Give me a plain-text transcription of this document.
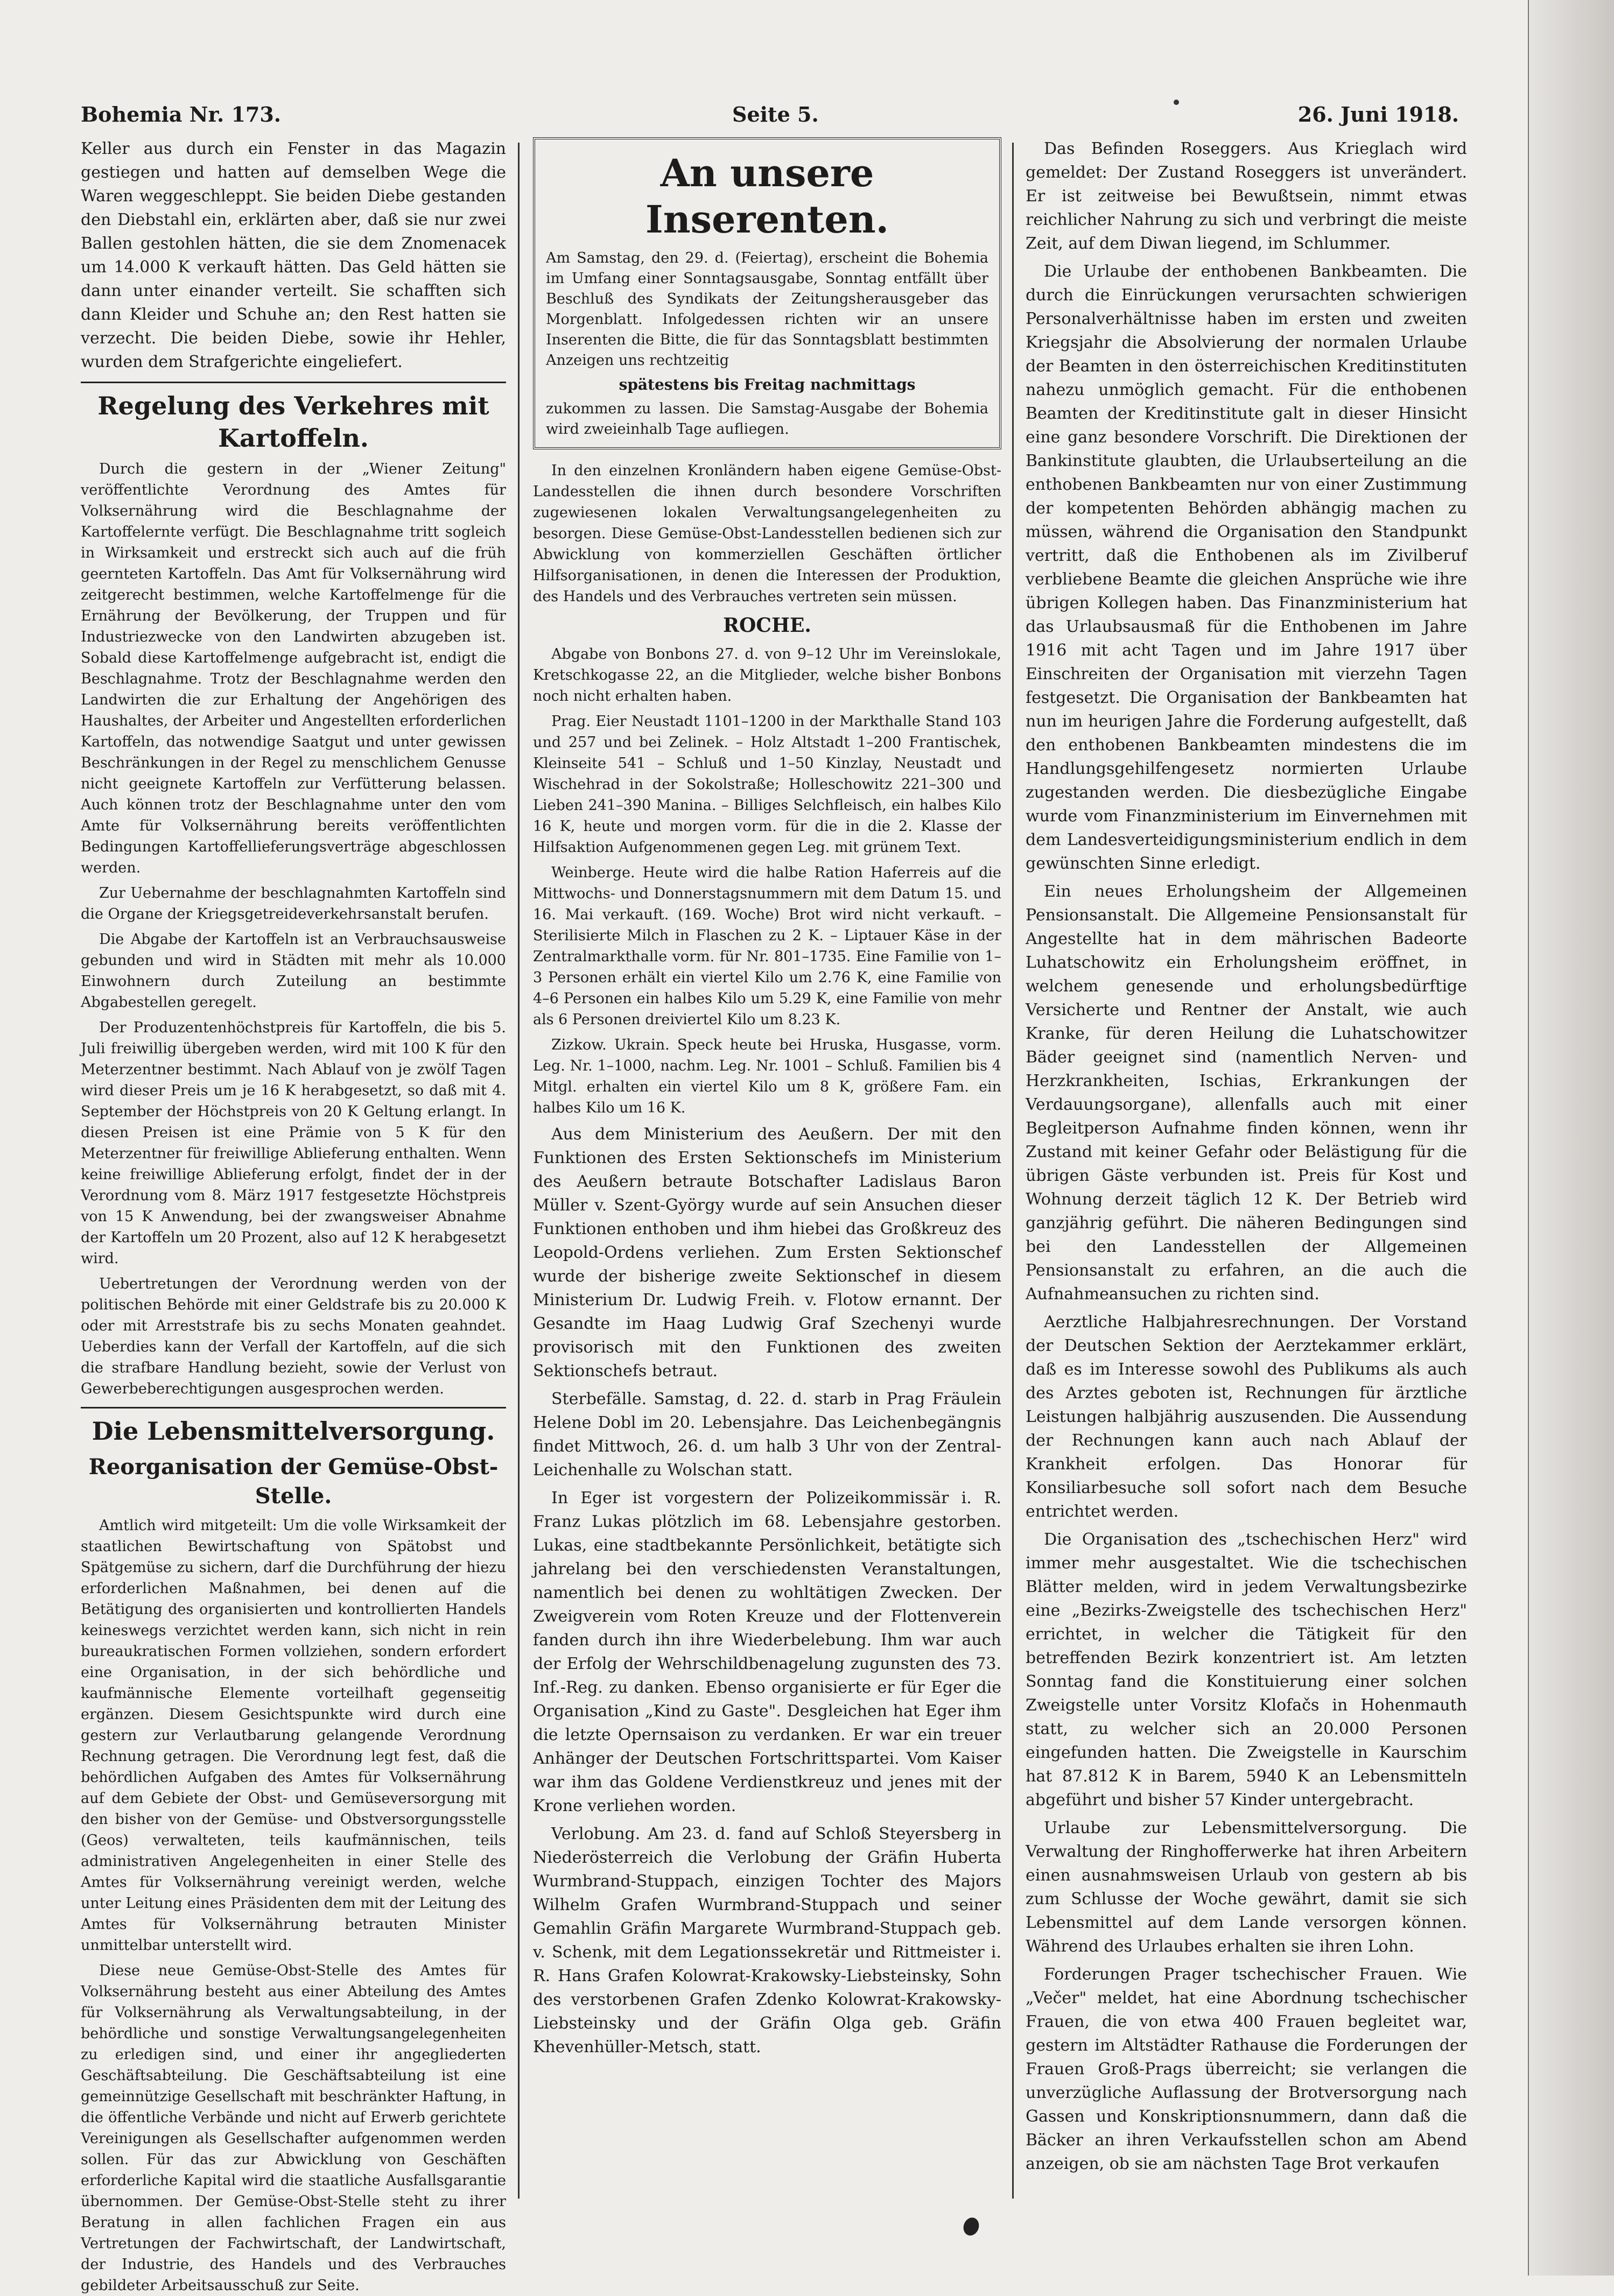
Bohemia Nr. 173.	Seite 5.	26. Juni 1918.

Keller aus durch ein Fenster in das Magazin gestiegen und hatten auf demselben Wege die Waren weggeschleppt. Sie beiden Diebe gestanden den Diebstahl ein, erklärten aber, daß sie nur zwei Ballen gestohlen hätten, die sie dem Znomenacek um 14.000 K verkauft hätten. Das Geld hätten sie dann unter einander verteilt. Sie schafften sich dann Kleider und Schuhe an; den Rest hatten sie verzecht. Die beiden Diebe, sowie ihr Hehler, wurden dem Strafgerichte eingeliefert.

Regelung des Verkehres mit Kartoffeln.

Durch die gestern in der „Wiener Zeitung" veröffentlichte Verordnung des Amtes für Volksernährung wird die Beschlagnahme der Kartoffelernte verfügt. Die Beschlagnahme tritt sogleich in Wirksamkeit und erstreckt sich auch auf die früh geernteten Kartoffeln. Das Amt für Volksernährung wird zeitgerecht bestimmen, welche Kartoffelmenge für die Ernährung der Bevölkerung, der Truppen und für Industriezwecke von den Landwirten abzugeben ist. Sobald diese Kartoffelmenge aufgebracht ist, endigt die Beschlagnahme. Trotz der Beschlagnahme werden den Landwirten die zur Erhaltung der Angehörigen des Haushaltes, der Arbeiter und Angestellten erforderlichen Kartoffeln, das notwendige Saatgut und unter gewissen Beschränkungen in der Regel zu menschlichem Genusse nicht geeignete Kartoffeln zur Verfütterung belassen. Auch können trotz der Beschlagnahme unter den vom Amte für Volksernährung bereits veröffentlichten Bedingungen Kartoffellieferungsverträge abgeschlossen werden.

Zur Uebernahme der beschlagnahmten Kartoffeln sind die Organe der Kriegsgetreideverkehrsanstalt berufen.

Die Abgabe der Kartoffeln ist an Verbrauchsausweise gebunden und wird in Städten mit mehr als 10.000 Einwohnern durch Zuteilung an bestimmte Abgabestellen geregelt.

Der Produzentenhöchstpreis für Kartoffeln, die bis 5. Juli freiwillig übergeben werden, wird mit 100 K für den Meterzentner bestimmt. Nach Ablauf von je zwölf Tagen wird dieser Preis um je 16 K herabgesetzt, so daß mit 4. September der Höchstpreis von 20 K Geltung erlangt. In diesen Preisen ist eine Prämie von 5 K für den Meterzentner für freiwillige Ablieferung enthalten. Wenn keine freiwillige Ablieferung erfolgt, findet der in der Verordnung vom 8. März 1917 festgesetzte Höchstpreis von 15 K Anwendung, bei der zwangsweiser Abnahme der Kartoffeln um 20 Prozent, also auf 12 K herabgesetzt wird.

Uebertretungen der Verordnung werden von der politischen Behörde mit einer Geldstrafe bis zu 20.000 K oder mit Arreststrafe bis zu sechs Monaten geahndet. Ueberdies kann der Verfall der Kartoffeln, auf die sich die strafbare Handlung bezieht, sowie der Verlust von Gewerbeberechtigungen ausgesprochen werden.

Die Lebensmittelversorgung.
Reorganisation der Gemüse-Obst-Stelle.

Amtlich wird mitgeteilt: Um die volle Wirksamkeit der staatlichen Bewirtschaftung von Spätobst und Spätgemüse zu sichern, darf die Durchführung der hiezu erforderlichen Maßnahmen, bei denen auf die Betätigung des organisierten und kontrollierten Handels keineswegs verzichtet werden kann, sich nicht in rein bureaukratischen Formen vollziehen, sondern erfordert eine Organisation, in der sich behördliche und kaufmännische Elemente vorteilhaft gegenseitig ergänzen. Diesem Gesichtspunkte wird durch eine gestern zur Verlautbarung gelangende Verordnung Rechnung getragen. Die Verordnung legt fest, daß die behördlichen Aufgaben des Amtes für Volksernährung auf dem Gebiete der Obst- und Gemüseversorgung mit den bisher von der Gemüse- und Obstversorgungsstelle (Geos) verwalteten, teils kaufmännischen, teils administrativen Angelegenheiten in einer Stelle des Amtes für Volksernährung vereinigt werden, welche unter Leitung eines Präsidenten dem mit der Leitung des Amtes für Volksernährung betrauten Minister unmittelbar unterstellt wird.

Diese neue Gemüse-Obst-Stelle des Amtes für Volksernährung besteht aus einer Abteilung des Amtes für Volksernährung als Verwaltungsabteilung, in der behördliche und sonstige Verwaltungsangelegenheiten zu erledigen sind, und einer ihr angegliederten Geschäftsabteilung. Die Geschäftsabteilung ist eine gemeinnützige Gesellschaft mit beschränkter Haftung, in die öffentliche Verbände und nicht auf Erwerb gerichtete Vereinigungen als Gesellschafter aufgenommen werden sollen. Für das zur Abwicklung von Geschäften erforderliche Kapital wird die staatliche Ausfallsgarantie übernommen. Der Gemüse-Obst-Stelle steht zu ihrer Beratung in allen fachlichen Fragen ein aus Vertretungen der Fachwirtschaft, der Landwirtschaft, der Industrie, des Handels und des Verbrauches gebildeter Arbeitsausschuß zur Seite.

An unsere Inserenten.
Am Samstag, den 29. d. (Feiertag), erscheint die Bohemia im Umfang einer Sonntagsausgabe, Sonntag entfällt über Beschluß des Syndikats der Zeitungsherausgeber das Morgenblatt. Infolgedessen richten wir an unsere Inserenten die Bitte, die für das Sonntagsblatt bestimmten Anzeigen uns rechtzeitig
spätestens bis Freitag nachmittags
zukommen zu lassen. Die Samstag-Ausgabe der Bohemia wird zweieinhalb Tage aufliegen.

In den einzelnen Kronländern haben eigene Gemüse-Obst-Landesstellen die ihnen durch besondere Vorschriften zugewiesenen lokalen Verwaltungsangelegenheiten zu besorgen. Diese Gemüse-Obst-Landesstellen bedienen sich zur Abwicklung von kommerziellen Geschäften örtlicher Hilfsorganisationen, in denen die Interessen der Produktion, des Handels und des Verbrauches vertreten sein müssen.

ROCHE.

Abgabe von Bonbons 27. d. von 9–12 Uhr im Vereinslokale, Kretschkogasse 22, an die Mitglieder, welche bisher Bonbons noch nicht erhalten haben.

Prag. Eier Neustadt 1101–1200 in der Markthalle Stand 103 und 257 und bei Zelinek. – Holz Altstadt 1–200 Frantischek, Kleinseite 541 – Schluß und 1–50 Kinzlay, Neustadt und Wischehrad in der Sokolstraße; Holleschowitz 221–300 und Lieben 241–390 Manina. – Billiges Selchfleisch, ein halbes Kilo 16 K, heute und morgen vorm. für die in die 2. Klasse der Hilfsaktion Aufgenommenen gegen Leg. mit grünem Text.

Weinberge. Heute wird die halbe Ration Haferreis auf die Mittwochs- und Donnerstagsnummern mit dem Datum 15. und 16. Mai verkauft. (169. Woche) Brot wird nicht verkauft. – Sterilisierte Milch in Flaschen zu 2 K. – Liptauer Käse in der Zentralmarkthalle vorm. für Nr. 801–1735. Eine Familie von 1–3 Personen erhält ein viertel Kilo um 2.76 K, eine Familie von 4–6 Personen ein halbes Kilo um 5.29 K, eine Familie von mehr als 6 Personen dreiviertel Kilo um 8.23 K.

Zizkow. Ukrain. Speck heute bei Hruska, Husgasse, vorm. Leg. Nr. 1–1000, nachm. Leg. Nr. 1001 – Schluß. Familien bis 4 Mitgl. erhalten ein viertel Kilo um 8 K, größere Fam. ein halbes Kilo um 16 K.

Aus dem Ministerium des Aeußern. Der mit den Funktionen des Ersten Sektionschefs im Ministerium des Aeußern betraute Botschafter Ladislaus Baron Müller v. Szent-György wurde auf sein Ansuchen dieser Funktionen enthoben und ihm hiebei das Großkreuz des Leopold-Ordens verliehen. Zum Ersten Sektionschef wurde der bisherige zweite Sektionschef in diesem Ministerium Dr. Ludwig Freih. v. Flotow ernannt. Der Gesandte im Haag Ludwig Graf Szechenyi wurde provisorisch mit den Funktionen des zweiten Sektionschefs betraut.

Sterbefälle. Samstag, d. 22. d. starb in Prag Fräulein Helene Dobl im 20. Lebensjahre. Das Leichenbegängnis findet Mittwoch, 26. d. um halb 3 Uhr von der Zentral-Leichenhalle zu Wolschan statt.

In Eger ist vorgestern der Polizeikommissär i. R. Franz Lukas plötzlich im 68. Lebensjahre gestorben. Lukas, eine stadtbekannte Persönlichkeit, betätigte sich jahrelang bei den verschiedensten Veranstaltungen, namentlich bei denen zu wohltätigen Zwecken. Der Zweigverein vom Roten Kreuze und der Flottenverein fanden durch ihn ihre Wiederbelebung. Ihm war auch der Erfolg der Wehrschildbenagelung zugunsten des 73. Inf.-Reg. zu danken. Ebenso organisierte er für Eger die Organisation „Kind zu Gaste". Desgleichen hat Eger ihm die letzte Opernsaison zu verdanken. Er war ein treuer Anhänger der Deutschen Fortschrittspartei. Vom Kaiser war ihm das Goldene Verdienstkreuz und jenes mit der Krone verliehen worden.

Verlobung. Am 23. d. fand auf Schloß Steyersberg in Niederösterreich die Verlobung der Gräfin Huberta Wurmbrand-Stuppach, einzigen Tochter des Majors Wilhelm Grafen Wurmbrand-Stuppach und seiner Gemahlin Gräfin Margarete Wurmbrand-Stuppach geb. v. Schenk, mit dem Legationssekretär und Rittmeister i. R. Hans Grafen Kolowrat-Krakowsky-Liebsteinsky, Sohn des verstorbenen Grafen Zdenko Kolowrat-Krakowsky-Liebsteinsky und der Gräfin Olga geb. Gräfin Khevenhüller-Metsch, statt.

Das Befinden Roseggers. Aus Krieglach wird gemeldet: Der Zustand Roseggers ist unverändert. Er ist zeitweise bei Bewußtsein, nimmt etwas reichlicher Nahrung zu sich und verbringt die meiste Zeit, auf dem Diwan liegend, im Schlummer.

Die Urlaube der enthobenen Bankbeamten. Die durch die Einrückungen verursachten schwierigen Personalverhältnisse haben im ersten und zweiten Kriegsjahr die Absolvierung der normalen Urlaube der Beamten in den österreichischen Kreditinstituten nahezu unmöglich gemacht. Für die enthobenen Beamten der Kreditinstitute galt in dieser Hinsicht eine ganz besondere Vorschrift. Die Direktionen der Bankinstitute glaubten, die Urlaubserteilung an die enthobenen Bankbeamten nur von einer Zustimmung der kompetenten Behörden abhängig machen zu müssen, während die Organisation den Standpunkt vertritt, daß die Enthobenen als im Zivilberuf verbliebene Beamte die gleichen Ansprüche wie ihre übrigen Kollegen haben. Das Finanzministerium hat das Urlaubsausmaß für die Enthobenen im Jahre 1916 mit acht Tagen und im Jahre 1917 über Einschreiten der Organisation mit vierzehn Tagen festgesetzt. Die Organisation der Bankbeamten hat nun im heurigen Jahre die Forderung aufgestellt, daß den enthobenen Bankbeamten mindestens die im Handlungsgehilfengesetz normierten Urlaube zugestanden werden. Die diesbezügliche Eingabe wurde vom Finanzministerium im Einvernehmen mit dem Landesverteidigungsministerium endlich in dem gewünschten Sinne erledigt.

Ein neues Erholungsheim der Allgemeinen Pensionsanstalt. Die Allgemeine Pensionsanstalt für Angestellte hat in dem mährischen Badeorte Luhatschowitz ein Erholungsheim eröffnet, in welchem genesende und erholungsbedürftige Versicherte und Rentner der Anstalt, wie auch Kranke, für deren Heilung die Luhatschowitzer Bäder geeignet sind (namentlich Nerven- und Herzkrankheiten, Ischias, Erkrankungen der Verdauungsorgane), allenfalls auch mit einer Begleitperson Aufnahme finden können, wenn ihr Zustand mit keiner Gefahr oder Belästigung für die übrigen Gäste verbunden ist. Preis für Kost und Wohnung derzeit täglich 12 K. Der Betrieb wird ganzjährig geführt. Die näheren Bedingungen sind bei den Landesstellen der Allgemeinen Pensionsanstalt zu erfahren, an die auch die Aufnahmeansuchen zu richten sind.

Aerztliche Halbjahresrechnungen. Der Vorstand der Deutschen Sektion der Aerztekammer erklärt, daß es im Interesse sowohl des Publikums als auch des Arztes geboten ist, Rechnungen für ärztliche Leistungen halbjährig auszusenden. Die Aussendung der Rechnungen kann auch nach Ablauf der Krankheit erfolgen. Das Honorar für Konsiliarbesuche soll sofort nach dem Besuche entrichtet werden.

Die Organisation des „tschechischen Herz" wird immer mehr ausgestaltet. Wie die tschechischen Blätter melden, wird in jedem Verwaltungsbezirke eine „Bezirks-Zweigstelle des tschechischen Herz" errichtet, in welcher die Tätigkeit für den betreffenden Bezirk konzentriert ist. Am letzten Sonntag fand die Konstituierung einer solchen Zweigstelle unter Vorsitz Klofačs in Hohenmauth statt, zu welcher sich an 20.000 Personen eingefunden hatten. Die Zweigstelle in Kaurschim hat 87.812 K in Barem, 5940 K an Lebensmitteln abgeführt und bisher 57 Kinder untergebracht.

Urlaube zur Lebensmittelversorgung. Die Verwaltung der Ringhofferwerke hat ihren Arbeitern einen ausnahmsweisen Urlaub von gestern ab bis zum Schlusse der Woche gewährt, damit sie sich Lebensmittel auf dem Lande versorgen können. Während des Urlaubes erhalten sie ihren Lohn.

Forderungen Prager tschechischer Frauen. Wie „Večer" meldet, hat eine Abordnung tschechischer Frauen, die von etwa 400 Frauen begleitet war, gestern im Altstädter Rathause die Forderungen der Frauen Groß-Prags überreicht; sie verlangen die unverzügliche Auflassung der Brotversorgung nach Gassen und Konskriptionsnummern, dann daß die Bäcker an ihren Verkaufsstellen schon am Abend anzeigen, ob sie am nächsten Tage Brot verkaufen
